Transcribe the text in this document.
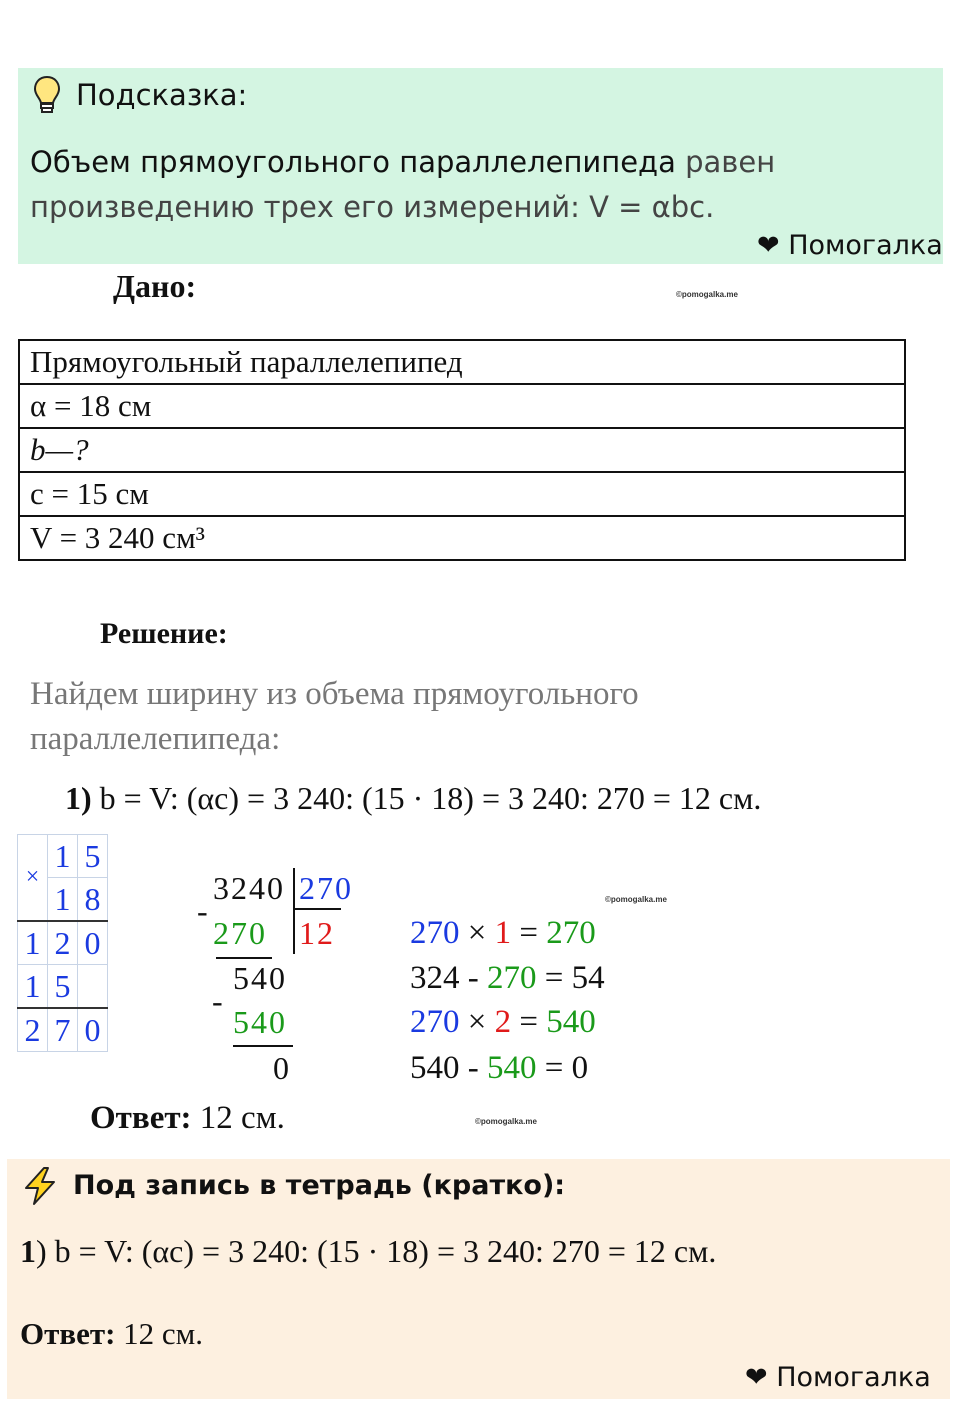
Подсказка:
Объем прямоугольного параллелепипеда равен
произведению трех его измерений: V = αbc.
❤ Помогалка
Дано:	©pomogalka.me
Прямоугольный параллелепипед
α = 18 см
b—?
c = 15 см
V = 3 240 см³
Решение:
Найдем ширину из объема прямоугольного
параллелепипеда:
1) b = V: (αc) = 3 240: (15 · 18) = 3 240: 270 = 12 см.
×	1	5
	1	8
1	2	0
1	5	
2	7	0
3240 270
-
270 12
540
-
540
0
©pomogalka.me
270 × 1 = 270
324 - 270 = 54
270 × 2 = 540
540 - 540 = 0
Ответ: 12 см.	©pomogalka.me
Под запись в тетрадь (кратко):
1) b = V: (αc) = 3 240: (15 · 18) = 3 240: 270 = 12 см.
Ответ: 12 см.
❤ Помогалка
